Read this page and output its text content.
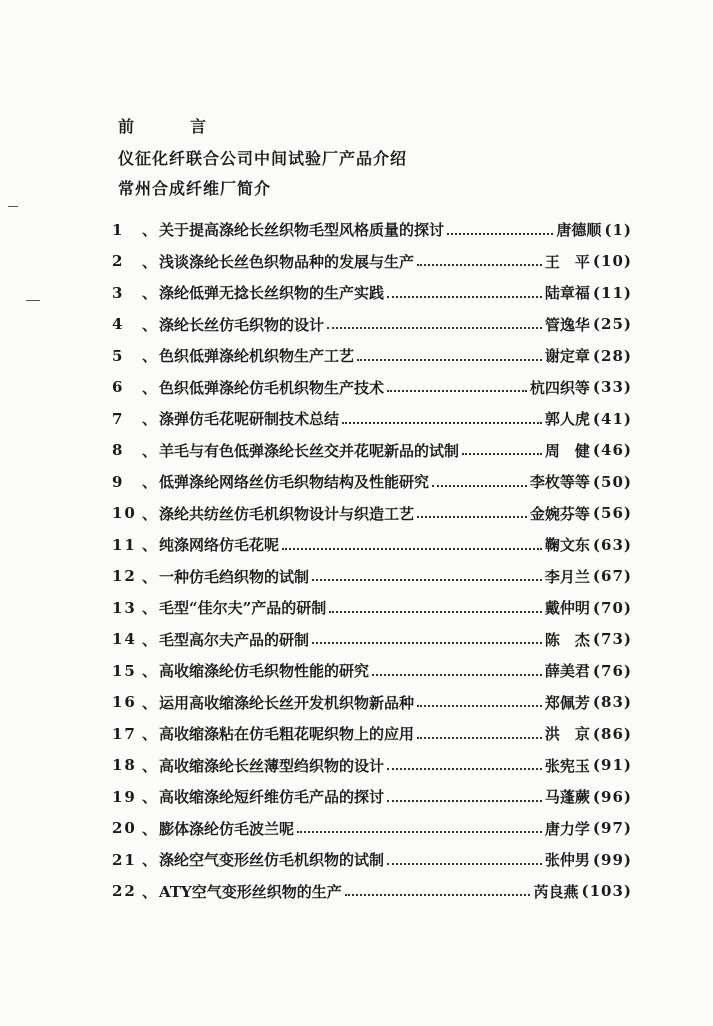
前　　言
仪征化纤联合公司中间试验厂产品介绍
常州合成纤维厂简介
1	、 关于提高涤纶长丝织物毛型风格质量的探讨	唐德顺 (1)
2	、 浅谈涤纶长丝色织物品种的发展与生产	王　平 (10)
3	、 涤纶低弹无捻长丝织物的生产实践	陆章福 (11)
4	、 涤纶长丝仿毛织物的设计	管逸华 (25)
5	、 色织低弹涤纶机织物生产工艺	谢定章 (28)
6	、 色织低弹涤纶仿毛机织物生产技术	杭四织等 (33)
7	、 涤弹仿毛花呢研制技术总结	郭人虎 (41)
8	、 羊毛与有色低弹涤纶长丝交并花呢新品的试制	周　健 (46)
9	、 低弹涤纶网络丝仿毛织物结构及性能研究	李枚等等 (50)
10 、 涤纶共纺丝仿毛机织物设计与织造工艺	金婉芬等 (56)
11 、 纯涤网络仿毛花呢	鞠文东 (63)
12 、 一种仿毛绉织物的试制	李月兰 (67)
13 、 毛型“佳尔夫”产品的研制	戴仲明 (70)
14 、 毛型高尔夫产品的研制	陈　杰 (73)
15 、 高收缩涤纶仿毛织物性能的研究	薛美君 (76)
16 、 运用高收缩涤纶长丝开发机织物新品种	郑佩芳 (83)
17 、 高收缩涤粘在仿毛粗花呢织物上的应用	洪　京 (86)
18 、 高收缩涤纶长丝薄型绉织物的设计	张宪玉 (91)
19 、 高收缩涤纶短纤维仿毛产品的探讨	马蓬蕨 (96)
20 、 膨体涤纶仿毛波兰呢	唐力学 (97)
21 、 涤纶空气变形丝仿毛机织物的试制	张仲男 (99)
22 、 ATY空气变形丝织物的生产	芮良燕 (103)
